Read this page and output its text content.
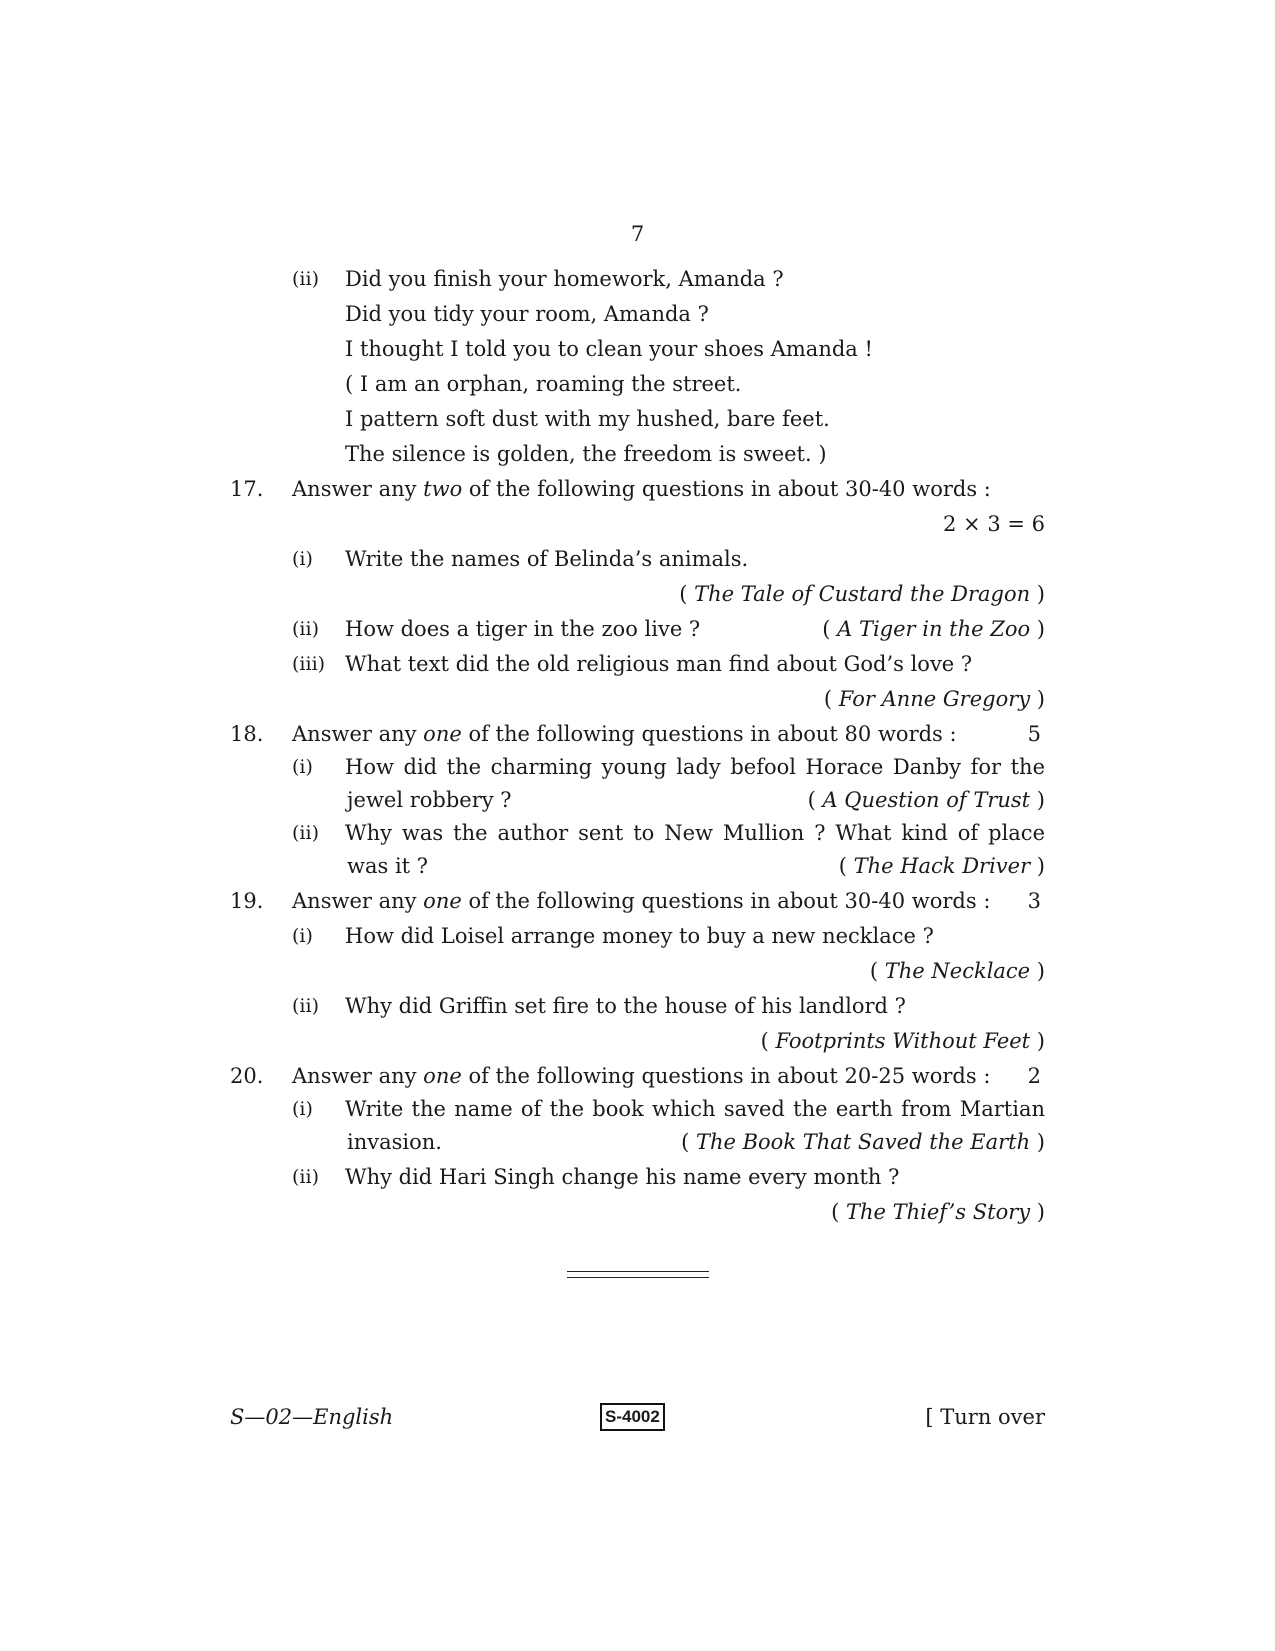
7
(ii) Did you finish your homework, Amanda ?
Did you tidy your room, Amanda ?
I thought I told you to clean your shoes Amanda !
( I am an orphan, roaming the street.
I pattern soft dust with my hushed, bare feet.
The silence is golden, the freedom is sweet. )
17. Answer any two of the following questions in about 30-40 words :
2 × 3 = 6
(i) Write the names of Belinda’s animals.
( The Tale of Custard the Dragon )
(ii) How does a tiger in the zoo live ?	( A Tiger in the Zoo )
(iii) What text did the old religious man find about God’s love ?
( For Anne Gregory )
18. Answer any one of the following questions in about 80 words :	5
(i) How did the charming young lady befool Horace Danby for the
jewel robbery ?	( A Question of Trust )
(ii) Why was the author sent to New Mullion ? What kind of place
was it ?	( The Hack Driver )
19. Answer any one of the following questions in about 30-40 words : 3
(i) How did Loisel arrange money to buy a new necklace ?
( The Necklace )
(ii) Why did Griffin set fire to the house of his landlord ?
( Footprints Without Feet )
20. Answer any one of the following questions in about 20-25 words : 2
(i) Write the name of the book which saved the earth from Martian
invasion.	( The Book That Saved the Earth )
(ii) Why did Hari Singh change his name every month ?
( The Thief’s Story )
S—02—English	S-4002	[ Turn over
